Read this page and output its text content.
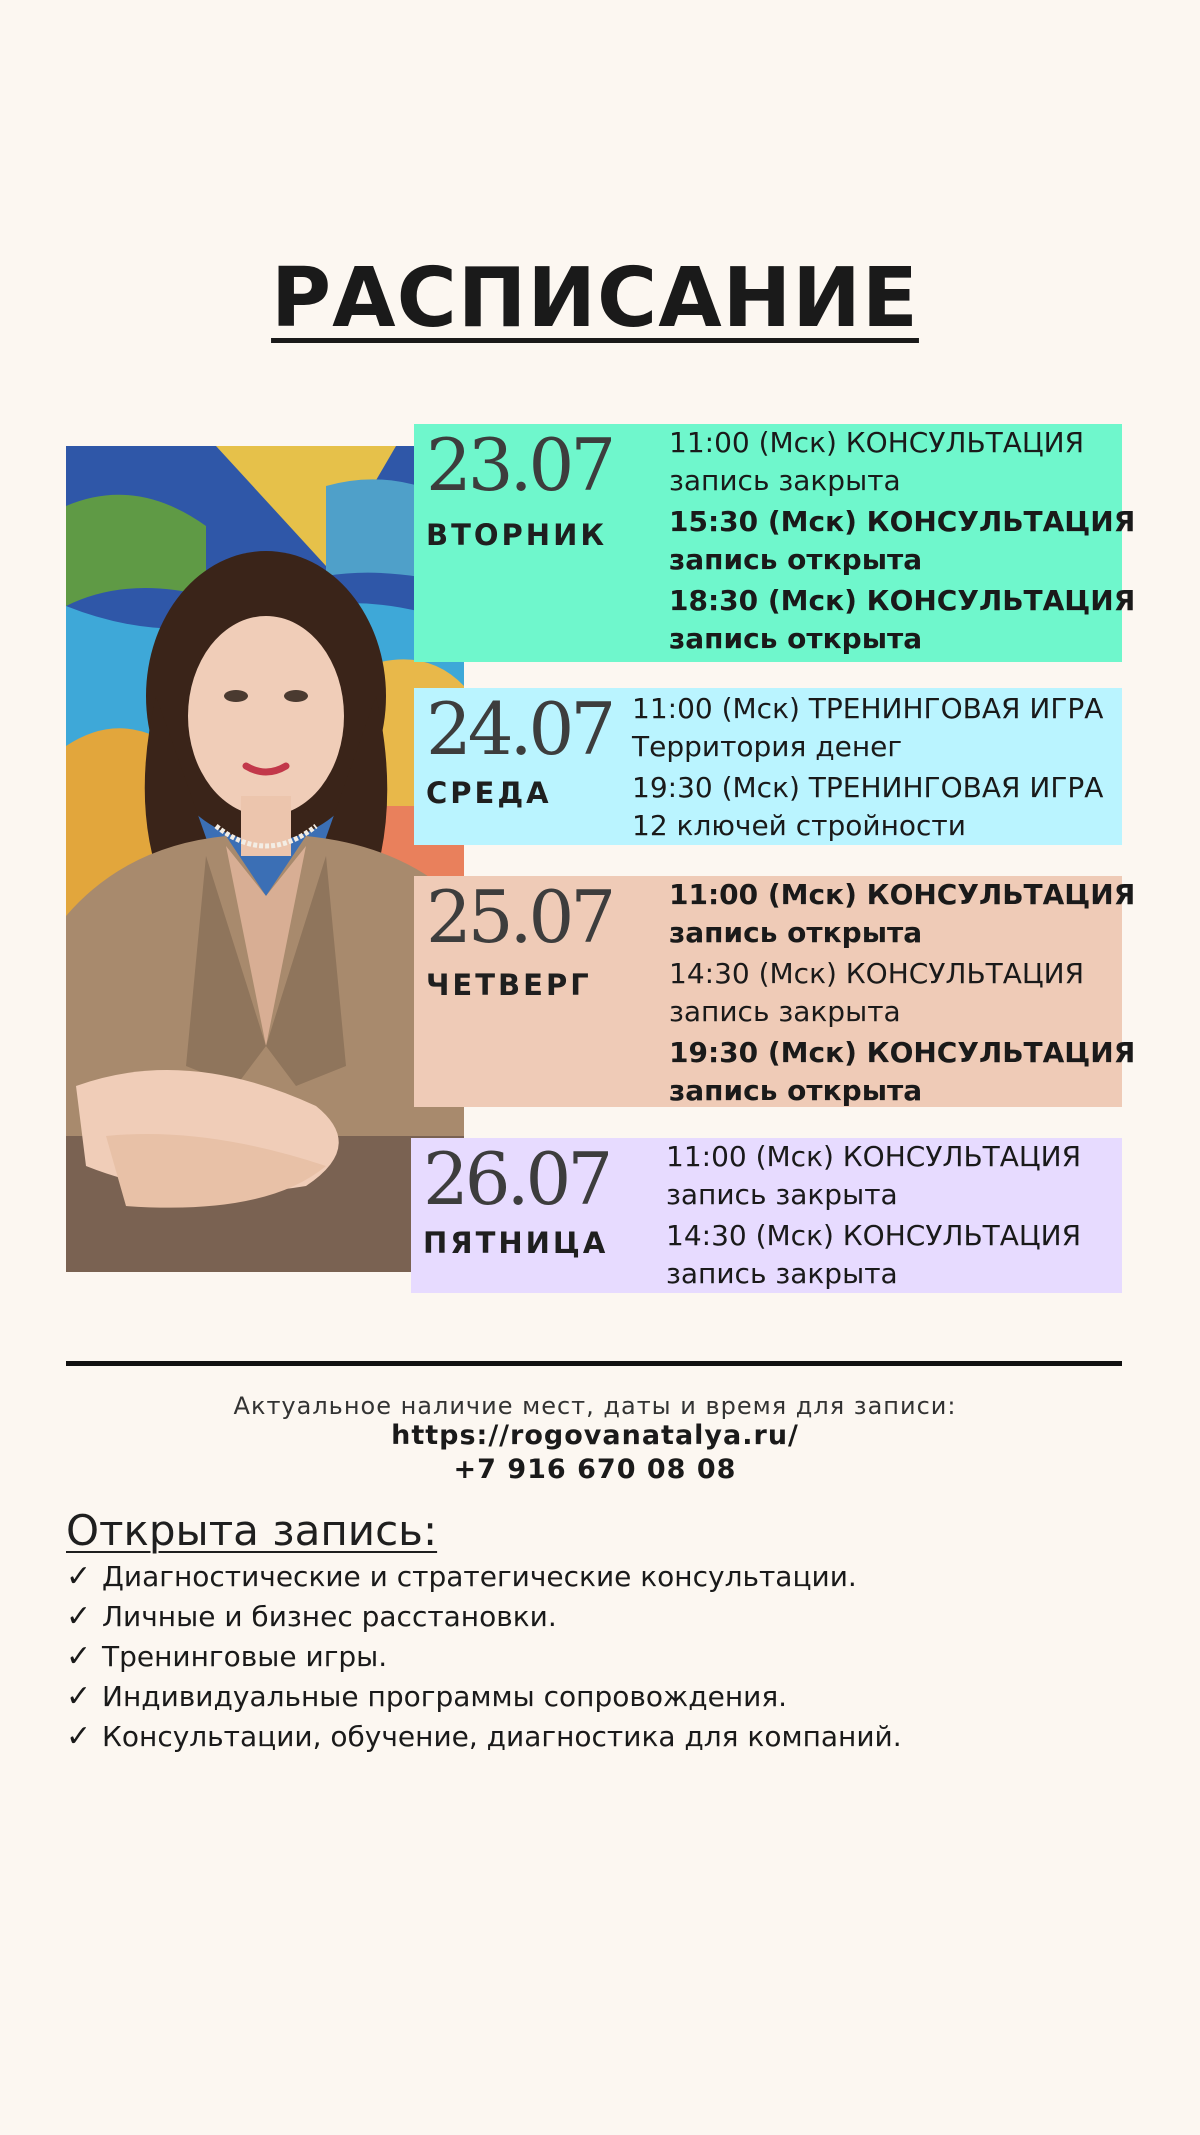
РАСПИСАНИЕ
23.07
ВТОРНИК
11:00 (Мск) КОНСУЛЬТАЦИЯ
запись закрыта
15:30 (Мск) КОНСУЛЬТАЦИЯ
запись открыта
18:30 (Мск) КОНСУЛЬТАЦИЯ
запись открыта
24.07
СРЕДА
11:00 (Мск) ТРЕНИНГОВАЯ ИГРА
Территория денег
19:30 (Мск) ТРЕНИНГОВАЯ ИГРА
12 ключей стройности
25.07
ЧЕТВЕРГ
11:00 (Мск) КОНСУЛЬТАЦИЯ
запись открыта
14:30 (Мск) КОНСУЛЬТАЦИЯ
запись закрыта
19:30 (Мск) КОНСУЛЬТАЦИЯ
запись открыта
26.07
ПЯТНИЦА
11:00 (Мск) КОНСУЛЬТАЦИЯ
запись закрыта
14:30 (Мск) КОНСУЛЬТАЦИЯ
запись закрыта
Актуальное наличие мест, даты и время для записи:
https://rogovanatalya.ru/
+7 916 670 08 08
Открыта запись:
✓ Диагностические и стратегические консультации.
✓ Личные и бизнес расстановки.
✓ Тренинговые игры.
✓ Индивидуальные программы сопровождения.
✓ Консультации, обучение, диагностика для компаний.
